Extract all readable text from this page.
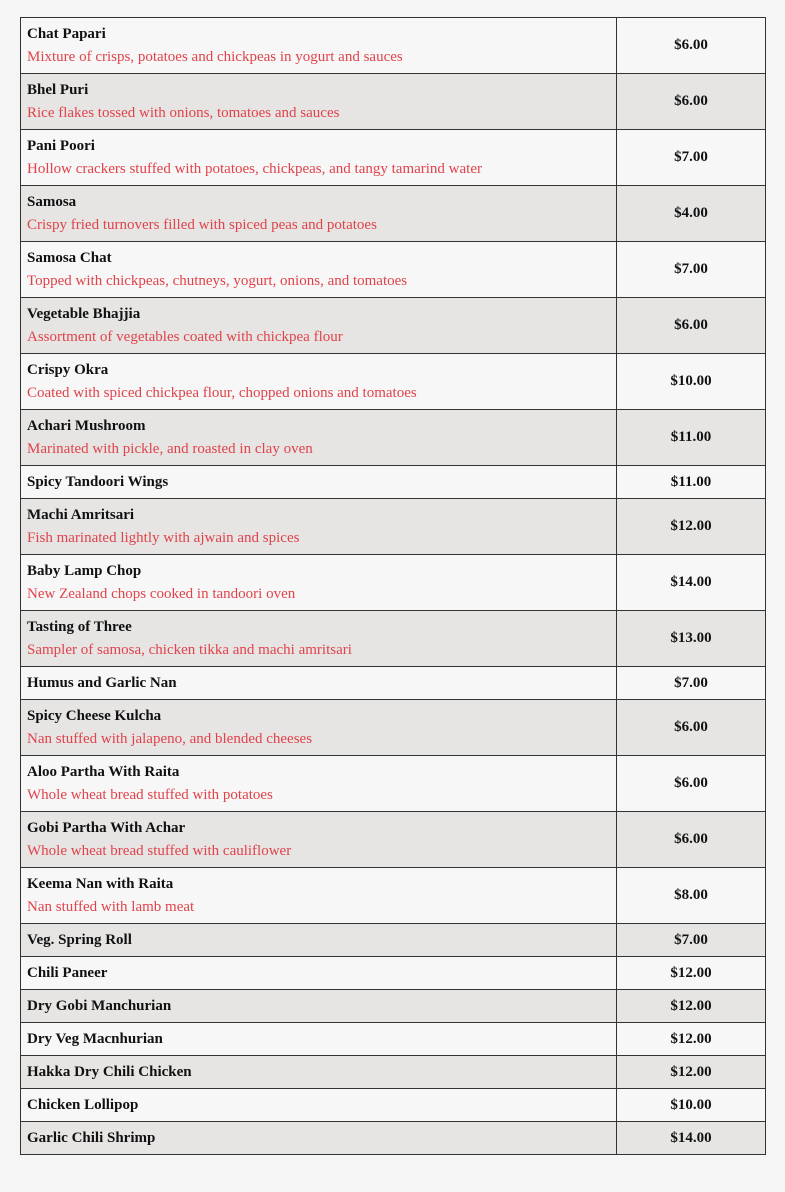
Chat Papari
Mixture of crisps, potatoes and chickpeas in yogurt and sauces	$6.00

Bhel Puri
Rice flakes tossed with onions, tomatoes and sauces	$6.00

Pani Poori
Hollow crackers stuffed with potatoes, chickpeas, and tangy tamarind water	$7.00

Samosa
Crispy fried turnovers filled with spiced peas and potatoes	$4.00

Samosa Chat
Topped with chickpeas, chutneys, yogurt, onions, and tomatoes	$7.00

Vegetable Bhajjia
Assortment of vegetables coated with chickpea flour	$6.00

Crispy Okra
Coated with spiced chickpea flour, chopped onions and tomatoes	$10.00

Achari Mushroom
Marinated with pickle, and roasted in clay oven	$11.00

Spicy Tandoori Wings	$11.00

Machi Amritsari
Fish marinated lightly with ajwain and spices	$12.00

Baby Lamp Chop
New Zealand chops cooked in tandoori oven	$14.00

Tasting of Three
Sampler of samosa, chicken tikka and machi amritsari	$13.00

Humus and Garlic Nan	$7.00

Spicy Cheese Kulcha
Nan stuffed with jalapeno, and blended cheeses	$6.00

Aloo Partha With Raita
Whole wheat bread stuffed with potatoes	$6.00

Gobi Partha With Achar
Whole wheat bread stuffed with cauliflower	$6.00

Keema Nan with Raita
Nan stuffed with lamb meat	$8.00

Veg. Spring Roll	$7.00

Chili Paneer	$12.00

Dry Gobi Manchurian	$12.00

Dry Veg Macnhurian	$12.00

Hakka Dry Chili Chicken	$12.00

Chicken Lollipop	$10.00

Garlic Chili Shrimp	$14.00
